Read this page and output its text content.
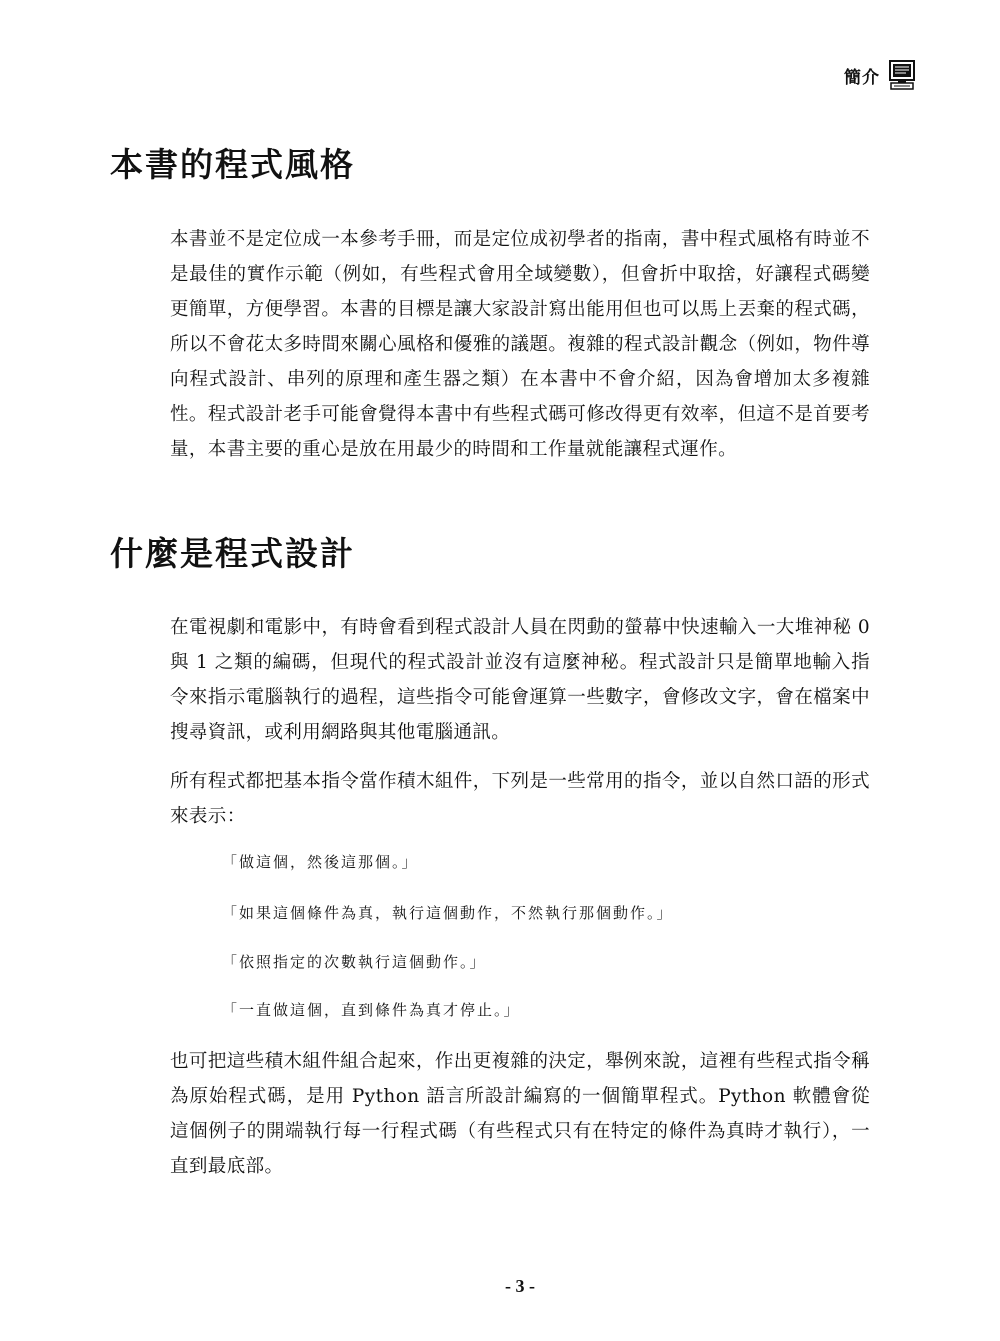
簡介
本書的程式風格

本書並不是定位成一本參考手冊，而是定位成初學者的指南，書中程式風格有時並不是最佳的實作示範（例如，有些程式會用全域變數），但會折中取捨，好讓程式碼變更簡單，方便學習。本書的目標是讓大家設計寫出能用但也可以馬上丟棄的程式碼，所以不會花太多時間來關心風格和優雅的議題。複雜的程式設計觀念（例如，物件導向程式設計、串列的原理和產生器之類）在本書中不會介紹，因為會增加太多複雜性。程式設計老手可能會覺得本書中有些程式碼可修改得更有效率，但這不是首要考量，本書主要的重心是放在用最少的時間和工作量就能讓程式運作。

什麼是程式設計

在電視劇和電影中，有時會看到程式設計人員在閃動的螢幕中快速輸入一大堆神秘 0 與 1 之類的編碼，但現代的程式設計並沒有這麼神秘。程式設計只是簡單地輸入指令來指示電腦執行的過程，這些指令可能會運算一些數字，會修改文字，會在檔案中搜尋資訊，或利用網路與其他電腦通訊。

所有程式都把基本指令當作積木組件，下列是一些常用的指令，並以自然口語的形式來表示：

「做這個，然後這那個。」

「如果這個條件為真，執行這個動作，不然執行那個動作。」

「依照指定的次數執行這個動作。」

「一直做這個，直到條件為真才停止。」

也可把這些積木組件組合起來，作出更複雜的決定，舉例來說，這裡有些程式指令稱為原始程式碼，是用 Python 語言所設計編寫的一個簡單程式。Python 軟體會從這個例子的開端執行每一行程式碼（有些程式只有在特定的條件為真時才執行），一直到最底部。

- 3 -
